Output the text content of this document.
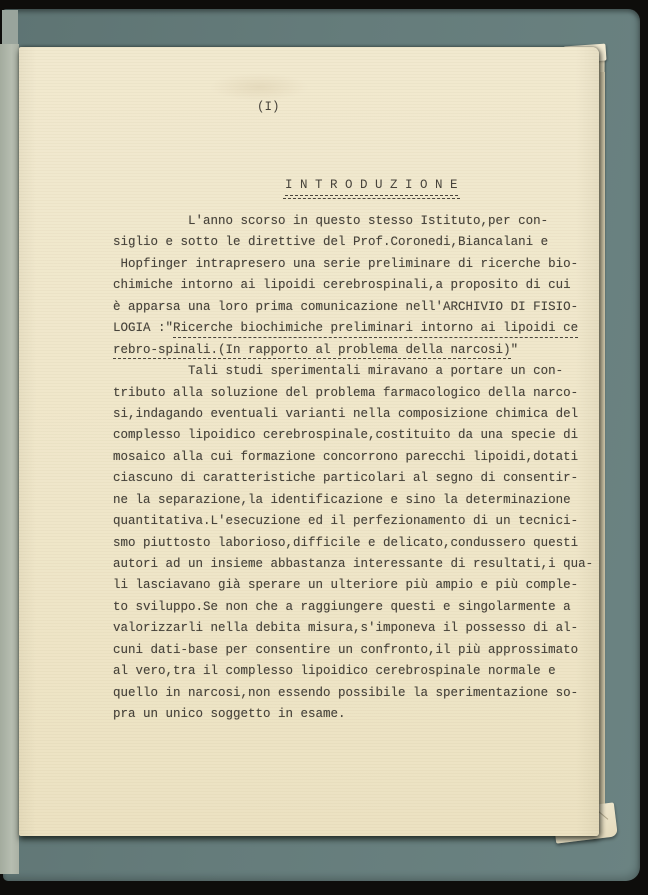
(I)

I N T R O D U Z I O N E

L'anno scorso in questo stesso Istituto,per con-
siglio e sotto le direttive del Prof.Coronedi,Biancalani e
Hopfinger intrapresero una serie preliminare di ricerche bio-
chimiche intorno ai lipoidi cerebrospinali,a proposito di cui
è apparsa una loro prima comunicazione nell'ARCHIVIO DI FISIO-
LOGIA :"Ricerche biochimiche preliminari intorno ai lipoidi ce
rebro-spinali.(In rapporto al problema della narcosi)"
Tali studi sperimentali miravano a portare un con-
tributo alla soluzione del problema farmacologico della narco-
si,indagando eventuali varianti nella composizione chimica del
complesso lipoidico cerebrospinale,costituito da una specie di
mosaico alla cui formazione concorrono parecchi lipoidi,dotati
ciascuno di caratteristiche particolari al segno di consentir-
ne la separazione,la identificazione e sino la determinazione
quantitativa.L'esecuzione ed il perfezionamento di un tecnici-
smo piuttosto laborioso,difficile e delicato,condussero questi
autori ad un insieme abbastanza interessante di resultati,i qua-
li lasciavano già sperare un ulteriore più ampio e più comple-
to sviluppo.Se non che a raggiungere questi e singolarmente a
valorizzarli nella debita misura,s'imponeva il possesso di al-
cuni dati-base per consentire un confronto,il più approssimato
al vero,tra il complesso lipoidico cerebrospinale normale e
quello in narcosi,non essendo possibile la sperimentazione so-
pra un unico soggetto in esame.
